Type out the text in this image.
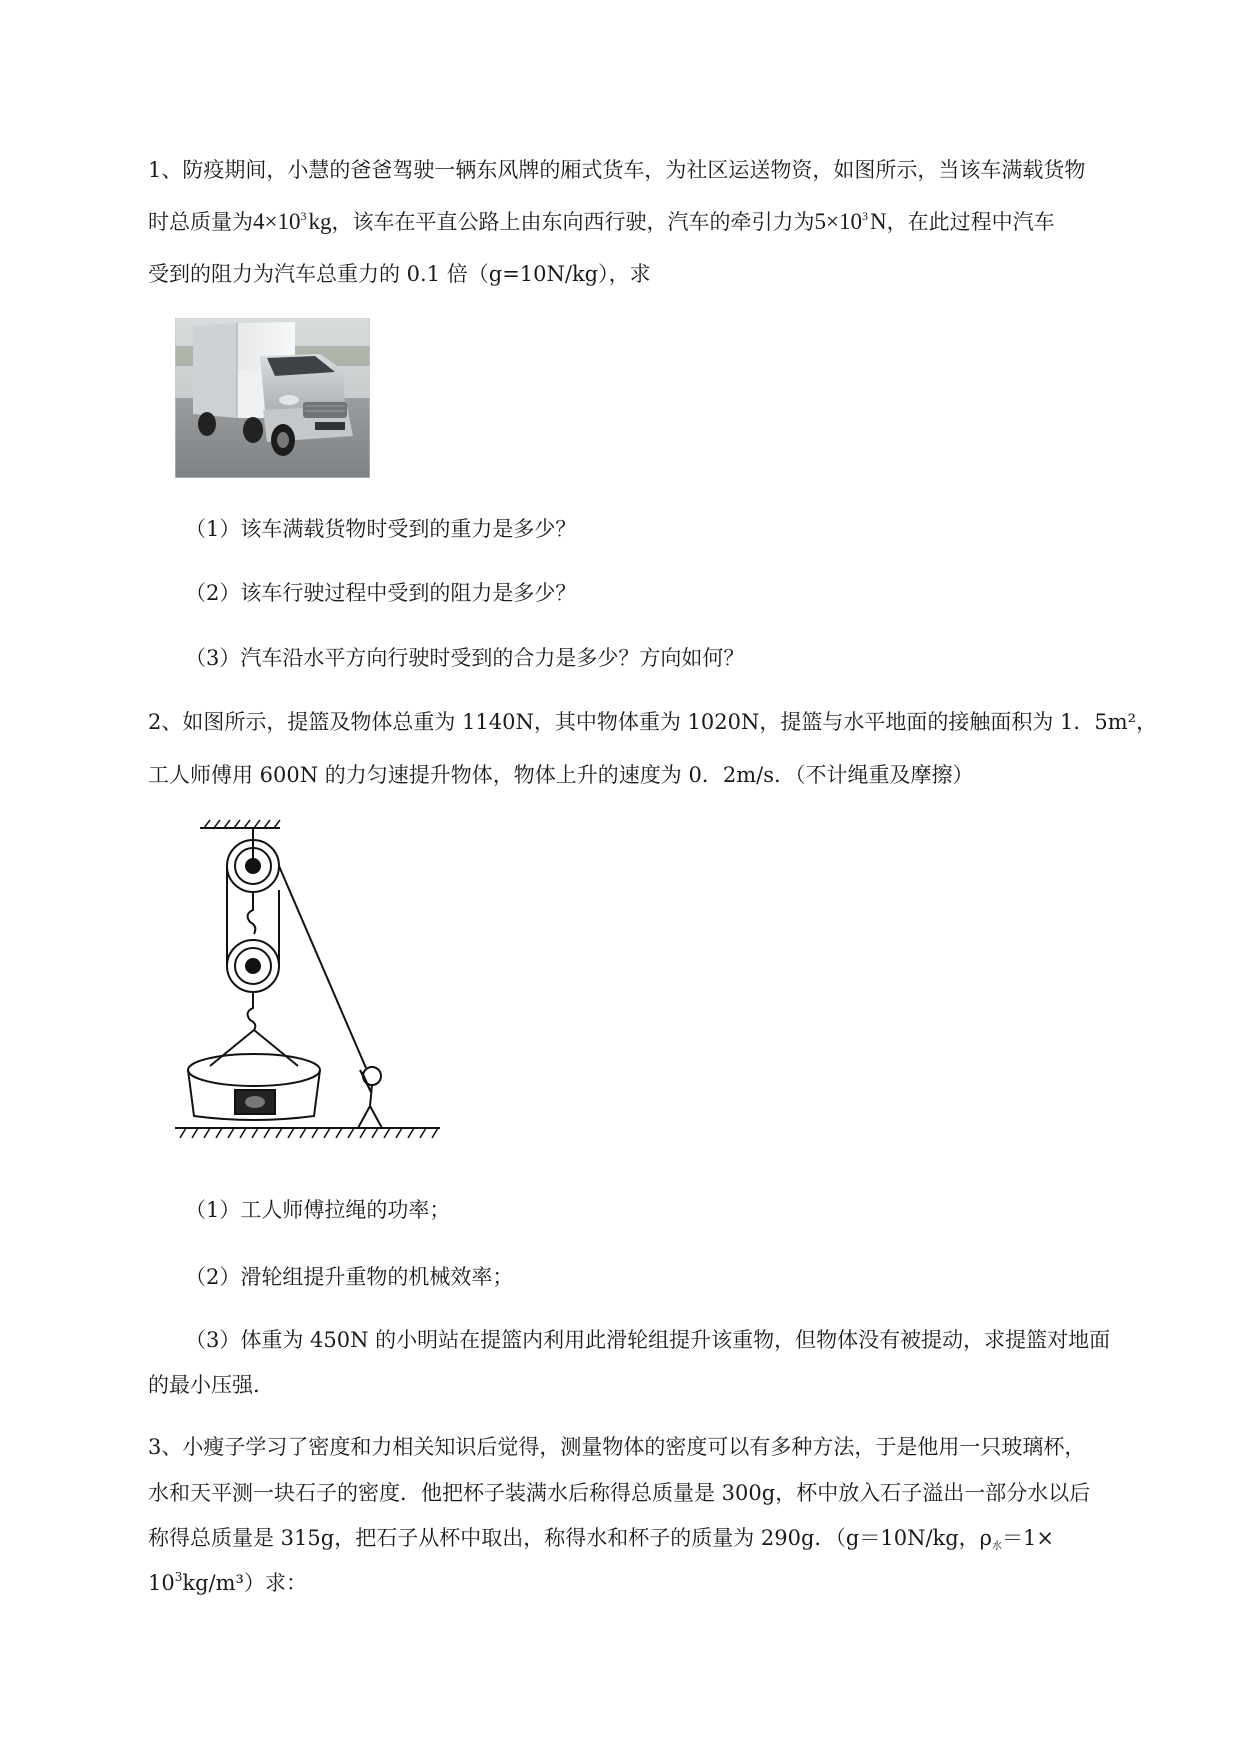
1、防疫期间，小慧的爸爸驾驶一辆东风牌的厢式货车，为社区运送物资，如图所示，当该车满载货物
时总质量为$4\times 10^3kg$，该车在平直公路上由东向西行驶，汽车的牵引力为$5\times 10^3N$，在此过程中汽车
受到的阻力为汽车总重力的 0.1 倍（g=10N/kg），求
（1）该车满载货物时受到的重力是多少？
（2）该车行驶过程中受到的阻力是多少？
（3）汽车沿水平方向行驶时受到的合力是多少？方向如何？
2、如图所示，提篮及物体总重为 1140N，其中物体重为 1020N，提篮与水平地面的接触面积为 1．5m²，
工人师傅用 600N 的力匀速提升物体，物体上升的速度为 0．2m/s．（不计绳重及摩擦）
（1）工人师傅拉绳的功率；
（2）滑轮组提升重物的机械效率；
（3）体重为 450N 的小明站在提篮内利用此滑轮组提升该重物，但物体没有被提动，求提篮对地面
的最小压强.
3、小瘦子学习了密度和力相关知识后觉得，测量物体的密度可以有多种方法，于是他用一只玻璃杯，
水和天平测一块石子的密度．他把杯子装满水后称得总质量是 300g，杯中放入石子溢出一部分水以后
称得总质量是 315g，把石子从杯中取出，称得水和杯子的质量为 290g．（g＝10N/kg，$\rho_水=1\times$
$10^3kg/m^3$）求：
